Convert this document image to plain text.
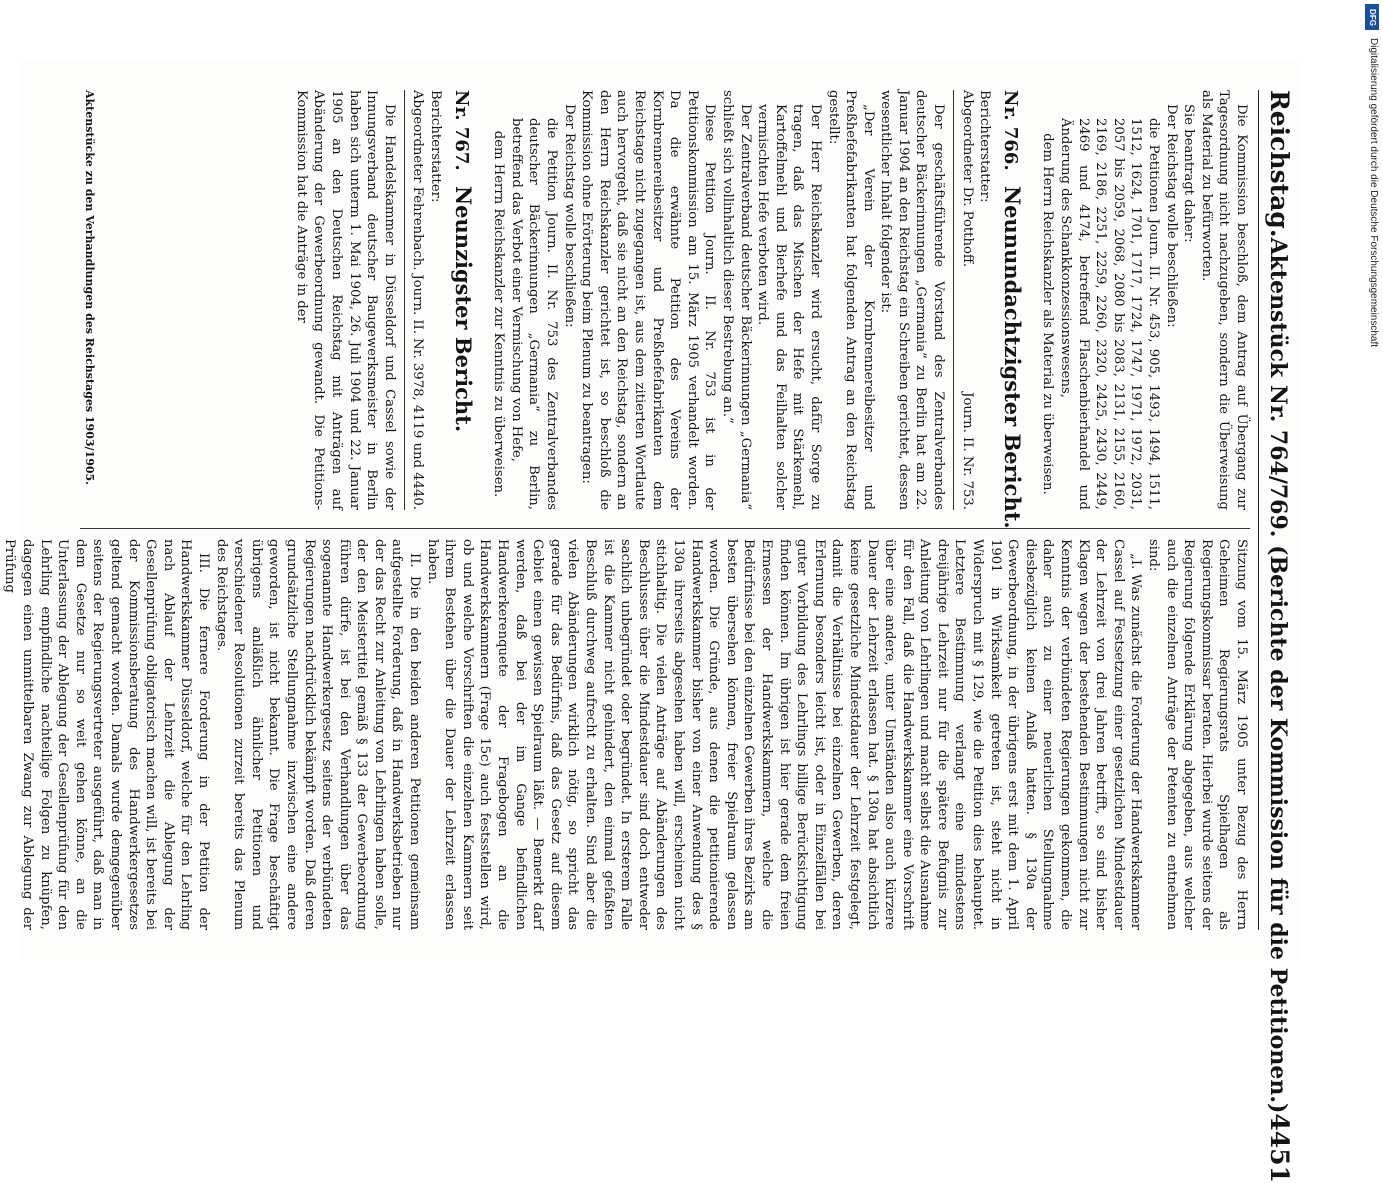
Reichstag.
Aktenstück Nr. 764/769. (Berichte der Kommission für die Petitionen.)
4451

Die Kommission beschloß, dem Antrag auf Übergang zur Tagesordnung nicht nachzugeben, sondern die Überweisung als Material zu befürworten.

Sie beantragt daher:

Der Reichstag wolle beschließen:

die Petitionen Journ. II. Nr. 453, 905, 1493, 1494, 1511, 1512, 1624, 1701, 1717, 1724, 1747, 1971, 1972, 2031, 2057 bis 2059, 2068, 2080 bis 2083, 2131, 2155, 2160, 2169, 2186, 2251, 2259, 2260, 2320, 2425, 2430, 2449, 2469 und 4174, betreffend Flaschenbierhandel und Änderung des Schankkonzessionswesens,

dem Herrn Reichskanzler als Material zu überweisen.

Nr. 766. Neunundachtzigster Bericht.

Berichterstatter:

Abgeordneter Dr. Potthoff.
Journ. II. Nr. 753.

Der geschäftsführende Vorstand des Zentralverbandes deutscher Bäckerinnungen „Germania“ zu Berlin hat am 22. Januar 1904 an den Reichstag ein Schreiben gerichtet, dessen wesentlicher Inhalt folgender ist:

„Der Verein der Kornbrennereibesitzer und Preßhefefabrikanten hat folgenden Antrag an den Reichstag gestellt:

Der Herr Reichskanzler wird ersucht, dafür Sorge zu tragen, daß das Mischen der Hefe mit Stärkemehl, Kartoffelmehl und Bierhefe und das Feilhalten solcher vermischten Hefe verboten wird.

Der Zentralverband deutscher Bäckerinnungen „Germania“ schließt sich vollinhaltlich dieser Bestrebung an.“

Diese Petition Journ. II. Nr. 753 ist in der Petitionskommission am 15. März 1905 verhandelt worden. Da die erwähnte Petition des Vereins der Kornbrennereibesitzer und Preßhefefabrikanten dem Reichstage nicht zugegangen ist, aus dem zitierten Wortlaute auch hervorgeht, daß sie nicht an den Reichstag, sondern an den Herrn Reichskanzler gerichtet ist, so beschloß die Kommission ohne Erörterung beim Plenum zu beantragen:

Der Reichstag wolle beschließen:

die Petition Journ. II. Nr. 753 des Zentralverbandes deutscher Bäckerinnungen „Germania“ zu Berlin, betreffend das Verbot einer Vermischung von Hefe,

dem Herrn Reichskanzler zur Kenntnis zu überweisen.

Nr. 767. Neunzigster Bericht.

Berichterstatter:

Abgeordneter Fehrenbach.
Journ. II. Nr. 3978, 4119 und 4440.

Die Handelskammer in Düsseldorf und Cassel sowie der Innungsverband deutscher Baugewerksmeister in Berlin haben sich unterm 1. Mai 1904, 26. Juli 1904 und 22. Januar 1905 an den Deutschen Reichstag mit Anträgen auf Abänderung der Gewerbeordnung gewandt. Die Petitions-Kommission hat die Anträge in der

Aktenstücke zu den Verhandlungen des Reichstages 1903/1905.

Sitzung vom 15. März 1905 unter Bezug des Herrn Geheimen Regierungsrats Spielhagen als Regierungskommissar beraten. Hierbei wurde seitens der Regierung folgende Erklärung abgegeben, aus welcher auch die einzelnen Anträge der Petenten zu entnehmen sind:

„I. Was zunächst die Forderung der Handwerkskammer Cassel auf Festsetzung einer gesetzlichen Mindestdauer der Lehrzeit von drei Jahren betrifft, so sind bisher Klagen wegen der bestehenden Bestimmungen nicht zur Kenntnis der verbündeten Regierungen gekommen, die daher auch zu einer neuerlichen Stellungnahme diesbezüglich keinen Anlaß hatten. § 130a der Gewerbeordnung, in der übrigens erst mit dem 1. April 1901 in Wirksamkeit getreten ist, steht nicht in Widerspruch mit § 129, wie die Petition dies behauptet. Letztere Bestimmung verlangt eine mindestens dreijährige Lehrzeit nur für die spätere Befugnis zur Anleitung von Lehrlingen und macht selbst die Ausnahme für den Fall, daß die Handwerkskammer eine Vorschrift über eine andere, unter Umständen also auch kürzere Dauer der Lehrzeit erlassen hat. § 130a hat absichtlich keine gesetzliche Mindestdauer der Lehrzeit festgelegt, damit die Verhältnisse bei einzelnen Gewerben, deren Erlernung besonders leicht ist, oder in Einzelfällen bei guter Vorbildung des Lehrlings billige Berücksichtigung finden können. Im übrigen ist hier gerade dem freien Ermessen der Handwerkskammern, welche die Bedürfnisse bei den einzelnen Gewerben ihres Bezirks am besten übersehen können, freier Spielraum gelassen worden. Die Gründe, aus denen die petitionierende Handwerkskammer bisher von einer Anwendung des § 130a ihrerseits abgesehen haben will, erscheinen nicht stichhaltig. Die vielen Anträge auf Abänderungen des Beschlusses über die Mindestdauer sind doch entweder sachlich unbegründet oder begründet. In ersterem Falle ist die Kammer nicht gehindert, den einmal gefaßten Beschluß durchweg aufrecht zu erhalten. Sind aber die vielen Abänderungen wirklich nötig, so spricht das gerade für das Bedürfnis, daß das Gesetz auf diesem Gebiet einen gewissen Spielraum läßt. — Bemerkt darf werden, daß bei der im Gange befindlichen Handwerkerenquete der Fragebogen an die Handwerkskammern (Frage 15c) auch festsstellen wird, ob und welche Vorschriften die einzelnen Kammern seit ihrem Bestehen über die Dauer der Lehrzeit erlassen haben.

II. Die in den beiden anderen Petitionen gemeinsam aufgestellte Forderung, daß in Handwerksbetrieben nur der das Recht zur Anleitung von Lehrlingen haben solle, der den Meistertitel gemäß § 133 der Gewerbeordnung führen dürfe, ist bei den Verhandlungen über das sogenannte Handwerkergesetz seitens der verbündeten Regierungen nachdrücklich bekämpft worden. Daß deren grundsätzliche Stellungnahme inzwischen eine andere geworden, ist nicht bekannt. Die Frage beschäftigt übrigens anläßlich ähnlicher Petitionen und verschiedener Resolutionen zurzeit bereits das Plenum des Reichstages.

III. Die fernere Forderung in der Petition der Handwerkskammer Düsseldorf, welche für den Lehrling nach Ablauf der Lehrzeit die Ablegung der Gesellenprüfung obligatorisch machen will, ist bereits bei der Kommissionsberatung des Handwerkergesetzes geltend gemacht worden. Damals wurde demgegenüber seitens der Regierungsvertreter ausgeführt, daß man in dem Gesetze nur so weit gehen könne, an die Unterlassung der Ablegung der Gesellenprüfung für den Lehrling empfindliche nachteilige Folgen zu knüpfen, dagegen einen unmittelbaren Zwang zur Ablegung der Prüfung

DFG
Digitalisierung gefördert durch die Deutsche Forschungsgemeinschaft
